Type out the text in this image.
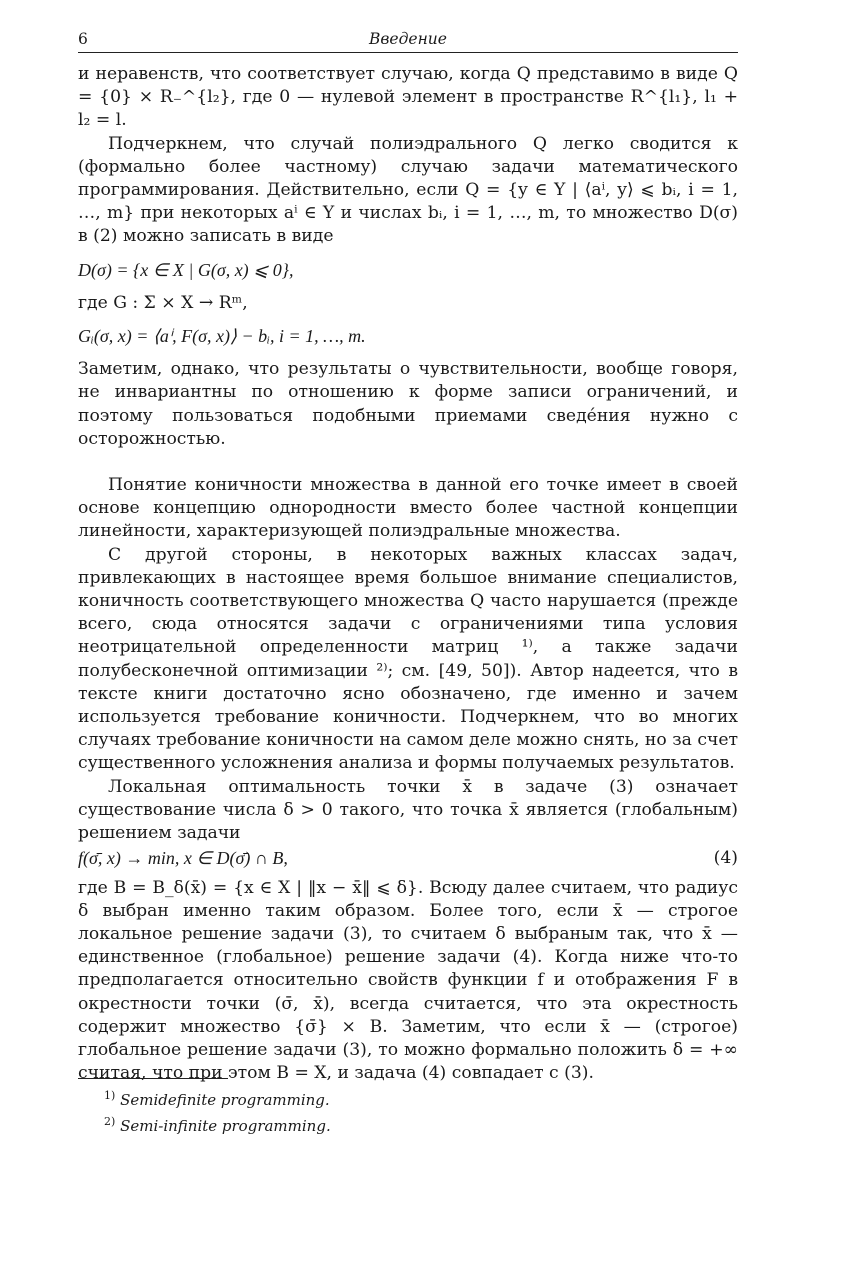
6	Введение

и неравенств, что соответствует случаю, когда Q представимо в виде Q = {0} × R₋^{l₂}, где 0 — нулевой элемент в пространстве R^{l₁}, l₁ + l₂ = l.

Подчеркнем, что случай полиэдрального Q легко сводится к (формально более частному) случаю задачи математического программирования. Действительно, если Q = {y ∈ Y | ⟨aⁱ, y⟩ ⩽ bᵢ, i = 1, …, m} при некоторых aⁱ ∈ Y и числах bᵢ, i = 1, …, m, то множество D(σ) в (2) можно записать в виде

D(σ) = {x ∈ X | G(σ, x) ⩽ 0},

где G : Σ × X → Rᵐ,

Gᵢ(σ, x) = ⟨aⁱ, F(σ, x)⟩ − bᵢ, i = 1, …, m.

Заметим, однако, что результаты о чувствительности, вообще говоря, не инвариантны по отношению к форме записи ограничений, и поэтому пользоваться подобными приемами сведе́ния нужно с осторожностью.

Понятие коничности множества в данной его точке имеет в своей основе концепцию однородности вместо более частной концепции линейности, характеризующей полиэдральные множества.

С другой стороны, в некоторых важных классах задач, привлекающих в настоящее время большое внимание специалистов, коничность соответствующего множества Q часто нарушается (прежде всего, сюда относятся задачи с ограничениями типа условия неотрицательной определенности матриц ¹⁾, а также задачи полубесконечной оптимизации ²⁾; см. [49, 50]). Автор надеется, что в тексте книги достаточно ясно обозначено, где именно и зачем используется требование коничности. Подчеркнем, что во многих случаях требование коничности на самом деле можно снять, но за счет существенного усложнения анализа и формы получаемых результатов.

Локальная оптимальность точки x̄ в задаче (3) означает существование числа δ > 0 такого, что точка x̄ является (глобальным) решением задачи

f(σ̄, x) → min, x ∈ D(σ̄) ∩ B,	(4)

где B = B_δ(x̄) = {x ∈ X | ‖x − x̄‖ ⩽ δ}. Всюду далее считаем, что радиус δ выбран именно таким образом. Более того, если x̄ — строгое локальное решение задачи (3), то считаем δ выбраным так, что x̄ — единственное (глобальное) решение задачи (4). Когда ниже что-то предполагается относительно свойств функции f и отображения F в окрестности точки (σ̄, x̄), всегда считается, что эта окрестность содержит множество {σ̄} × B. Заметим, что если x̄ — (строгое) глобальное решение задачи (3), то можно формально положить δ = +∞ считая, что при этом B = X, и задача (4) совпадает с (3).

$^{1)}$ Semidefinite programming.
$^{2)}$ Semi-infinite programming.
